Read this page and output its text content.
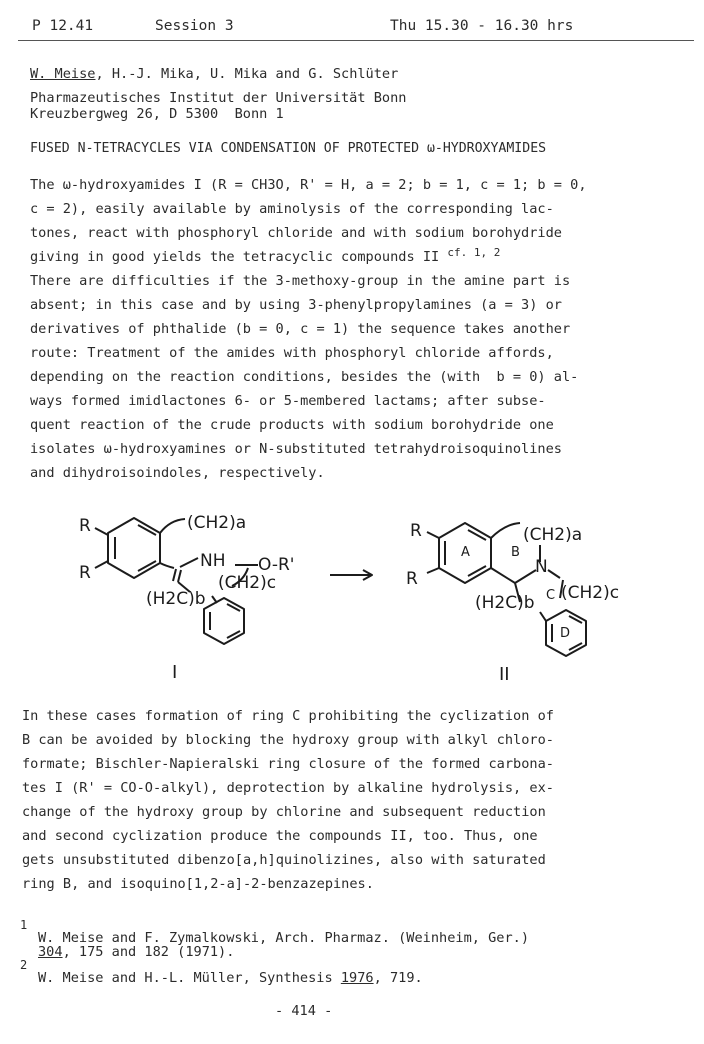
P 12.41	Session 3	Thu 15.30 - 16.30 hrs
W. Meise, H.-J. Mika, U. Mika and G. Schlüter
Pharmazeutisches Institut der Universität Bonn
Kreuzbergweg 26, D 5300  Bonn 1
FUSED N-TETRACYCLES VIA CONDENSATION OF PROTECTED ω-HYDROXYAMIDES
The ω-hydroxyamides I (R = CH3O, R' = H, a = 2; b = 1, c = 1; b = 0,
c = 2), easily available by aminolysis of the corresponding lac-
tones, react with phosphoryl chloride and with sodium borohydride
giving in good yields the tetracyclic compounds II $^{cf. 1, 2}$
There are difficulties if the 3-methoxy-group in the amine part is
absent; in this case and by using 3-phenylpropylamines (a = 3) or
derivatives of phthalide (b = 0, c = 1) the sequence takes another
route: Treatment of the amides with phosphoryl chloride affords,
depending on the reaction conditions, besides the (with  b = 0) al-
ways formed imidlactones 6- or 5-membered lactams; after subse-
quent reaction of the crude products with sodium borohydride one
isolates ω-hydroxyamines or N-substituted tetrahydroisoquinolines
and dihydroisoindoles, respectively.
R
R
(CH2)a
NH O-R'
(CH2)c
(H2C)b
I
R
R
A	B
C
D
N
(CH2)a
(CH2)c
(H2C)b
II
In these cases formation of ring C prohibiting the cyclization of
B can be avoided by blocking the hydroxy group with alkyl chloro-
formate; Bischler-Napieralski ring closure of the formed carbona-
tes I (R' = CO-O-alkyl), deprotection by alkaline hydrolysis, ex-
change of the hydroxy group by chlorine and subsequent reduction
and second cyclization produce the compounds II, too. Thus, one
gets unsubstituted dibenzo[a,h]quinolizines, also with saturated
ring B, and isoquino[1,2-a]-2-benzazepines.
1
W. Meise and F. Zymalkowski, Arch. Pharmaz. (Weinheim, Ger.)
304, 175 and 182 (1971).
2
W. Meise and H.-L. Müller, Synthesis 1976, 719.
- 414 -
